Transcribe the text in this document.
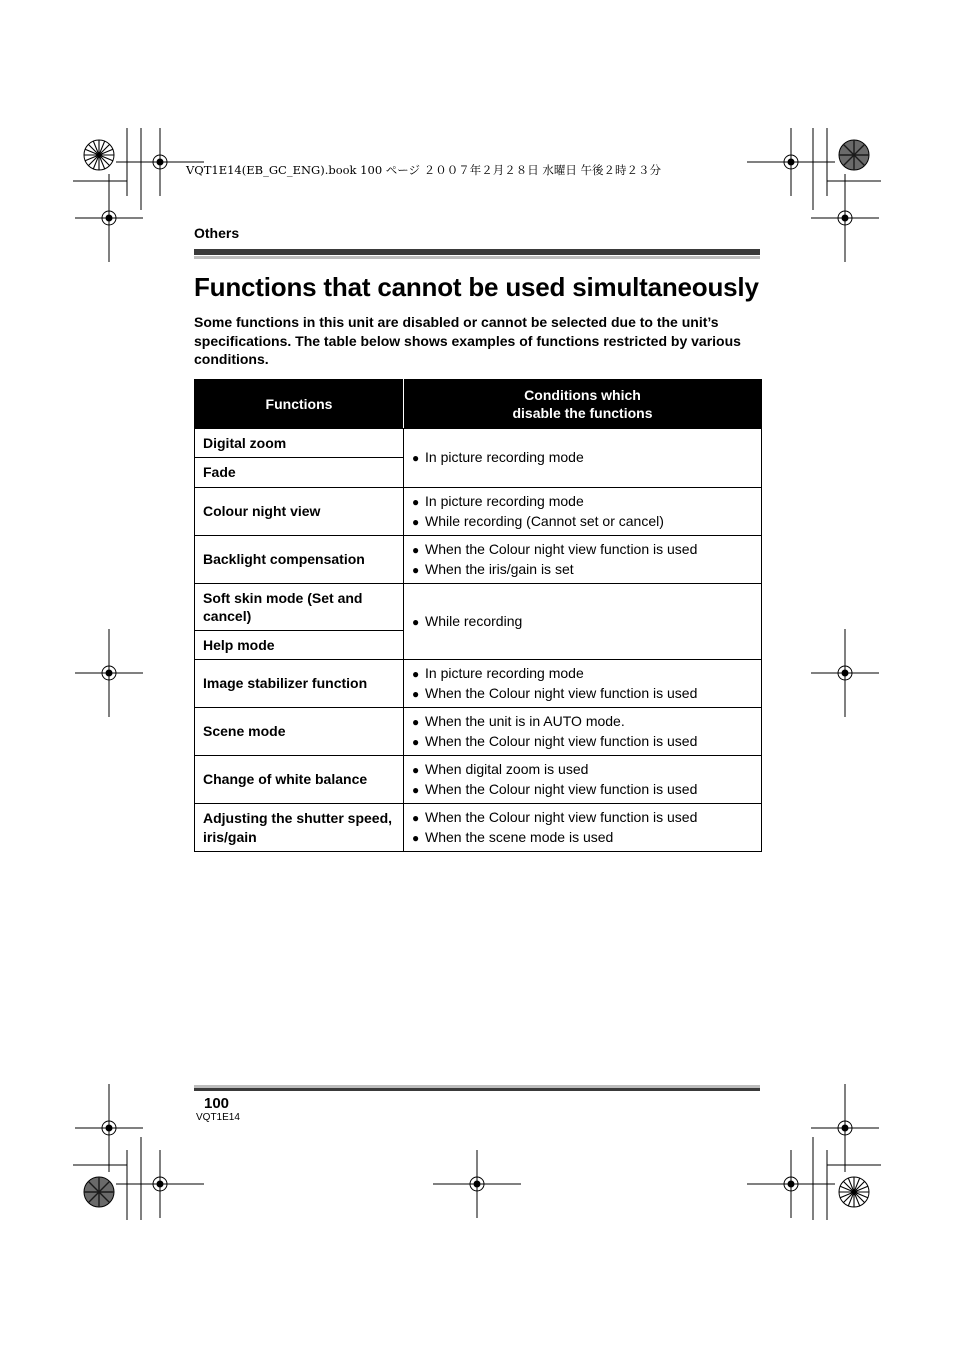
VQT1E14(EB_GC_ENG).book 100 ページ ２００７年２月２８日 水曜日 午後２時２３分
Others
Functions that cannot be used simultaneously
Some functions in this unit are disabled or cannot be selected due to the unit’s specifications. The table below shows examples of functions restricted by various conditions.
Functions	Conditions which
disable the functions
Digital zoom	● In picture recording mode

Fade	
Colour night view	● In picture recording mode
● While recording (Cannot set or cancel)

Backlight compensation	● When the Colour night view function is used
● When the iris/gain is set

Soft skin mode (Set and cancel)	● While recording

Help mode	
Image stabilizer function	● In picture recording mode
● When the Colour night view function is used

Scene mode	● When the unit is in AUTO mode.
● When the Colour night view function is used

Change of white balance	● When digital zoom is used
● When the Colour night view function is used

Adjusting the shutter speed, iris/gain	● When the Colour night view function is used
● When the scene mode is used
100
VQT1E14
